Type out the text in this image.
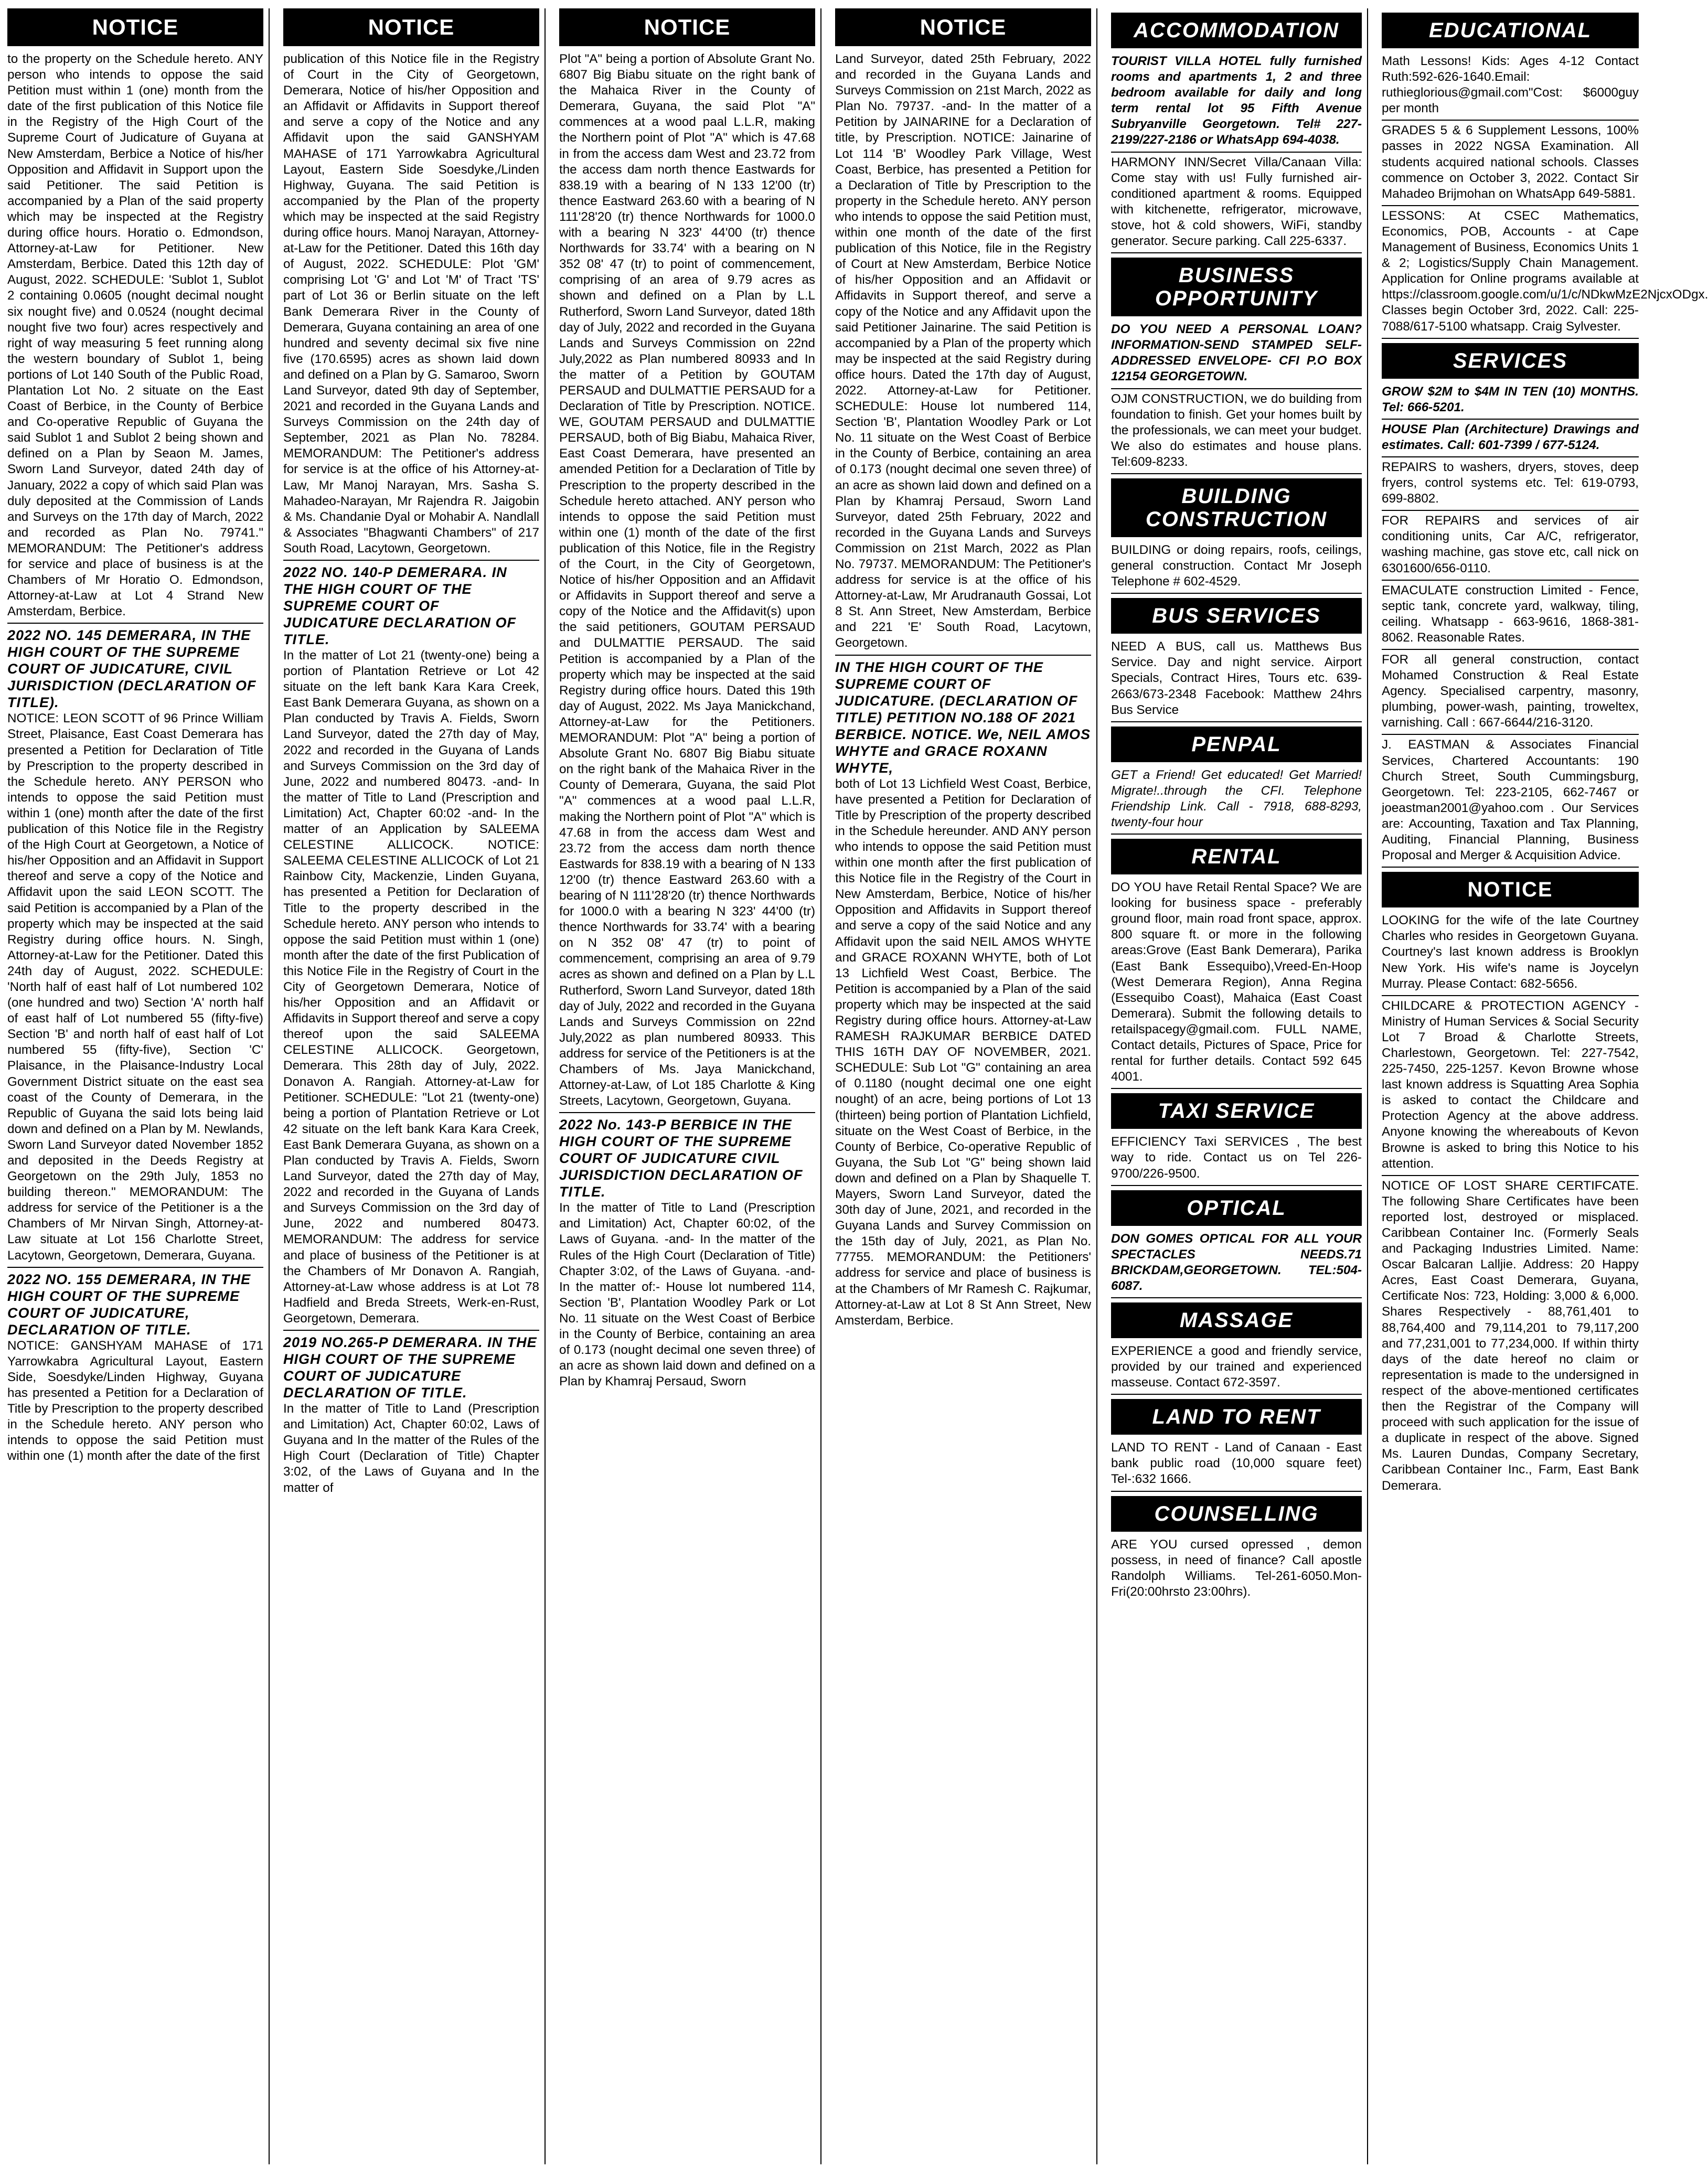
NOTICE
to the property on the Schedule hereto. ANY person who intends to oppose the said Petition must within 1 (one) month from the date of the first publication of this Notice file in the Registry of the High Court of the Supreme Court of Judicature of Guyana at New Amsterdam, Berbice a Notice of his/her Opposition and Affidavit in Support upon the said Petitioner. The said Petition is accompanied by a Plan of the said property which may be inspected at the Registry during office hours. Horatio o. Edmondson, Attorney-at-Law for Petitioner. New Amsterdam, Berbice. Dated this 12th day of August, 2022. SCHEDULE: 'Sublot 1, Sublot 2 containing 0.0605 (nought decimal nought six nought five) and 0.0524 (nought decimal nought five two four) acres respectively and right of way measuring 5 feet running along the western boundary of Sublot 1, being portions of Lot 140 South of the Public Road, Plantation Lot No. 2 situate on the East Coast of Berbice, in the County of Berbice and Co-operative Republic of Guyana the said Sublot 1 and Sublot 2 being shown and defined on a Plan by Seaon M. James, Sworn Land Surveyor, dated 24th day of January, 2022 a copy of which said Plan was duly deposited at the Commission of Lands and Surveys on the 17th day of March, 2022 and recorded as Plan No. 79741." MEMORANDUM: The Petitioner's address for service and place of business is at the Chambers of Mr Horatio O. Edmondson, Attorney-at-Law at Lot 4 Strand New Amsterdam, Berbice.
2022 NO. 145 DEMERARA, IN THE HIGH COURT OF THE SUPREME COURT OF JUDICATURE, CIVIL JURISDICTION (DECLARATION OF TITLE).
NOTICE: LEON SCOTT of 96 Prince William Street, Plaisance, East Coast Demerara has presented a Petition for Declaration of Title by Prescription to the property described in the Schedule hereto. ANY PERSON who intends to oppose the said Petition must within 1 (one) month after the date of the first publication of this Notice file in the Registry of the High Court at Georgetown, a Notice of his/her Opposition and an Affidavit in Support thereof and serve a copy of the Notice and Affidavit upon the said LEON SCOTT. The said Petition is accompanied by a Plan of the property which may be inspected at the said Registry during office hours. N. Singh, Attorney-at-Law for the Petitioner. Dated this 24th day of August, 2022. SCHEDULE: 'North half of east half of Lot numbered 102 (one hundred and two) Section 'A' north half of east half of Lot numbered 55 (fifty-five) Section 'B' and north half of east half of Lot numbered 55 (fifty-five), Section 'C' Plaisance, in the Plaisance-Industry Local Government District situate on the east sea coast of the County of Demerara, in the Republic of Guyana the said lots being laid down and defined on a Plan by M. Newlands, Sworn Land Surveyor dated November 1852 and deposited in the Deeds Registry at Georgetown on the 29th July, 1853 no building thereon." MEMORANDUM: The address for service of the Petitioner is a the Chambers of Mr Nirvan Singh, Attorney-at-Law situate at Lot 156 Charlotte Street, Lacytown, Georgetown, Demerara, Guyana.
2022 NO. 155 DEMERARA, IN THE HIGH COURT OF THE SUPREME COURT OF JUDICATURE, DECLARATION OF TITLE.
NOTICE: GANSHYAM MAHASE of 171 Yarrowkabra Agricultural Layout, Eastern Side, Soesdyke/Linden Highway, Guyana has presented a Petition for a Declaration of Title by Prescription to the property described in the Schedule hereto. ANY person who intends to oppose the said Petition must within one (1) month after the date of the first
NOTICE
publication of this Notice file in the Registry of Court in the City of Georgetown, Demerara, Notice of his/her Opposition and an Affidavit or Affidavits in Support thereof and serve a copy of the Notice and any Affidavit upon the said GANSHYAM MAHASE of 171 Yarrowkabra Agricultural Layout, Eastern Side Soesdyke,/Linden Highway, Guyana. The said Petition is accompanied by the Plan of the property which may be inspected at the said Registry during office hours. Manoj Narayan, Attorney-at-Law for the Petitioner. Dated this 16th day of August, 2022. SCHEDULE: Plot 'GM' comprising Lot 'G' and Lot 'M' of Tract 'TS' part of Lot 36 or Berlin situate on the left Bank Demerara River in the County of Demerara, Guyana containing an area of one hundred and seventy decimal six five nine five (170.6595) acres as shown laid down and defined on a Plan by G. Samaroo, Sworn Land Surveyor, dated 9th day of September, 2021 and recorded in the Guyana Lands and Surveys Commission on the 24th day of September, 2021 as Plan No. 78284. MEMORANDUM: The Petitioner's address for service is at the office of his Attorney-at-Law, Mr Manoj Narayan, Mrs. Sasha S. Mahadeo-Narayan, Mr Rajendra R. Jaigobin & Ms. Chandanie Dyal or Mohabir A. Nandlall & Associates "Bhagwanti Chambers" of 217 South Road, Lacytown, Georgetown.
2022 NO. 140-P DEMERARA. IN THE HIGH COURT OF THE SUPREME COURT OF JUDICATURE DECLARATION OF TITLE.
In the matter of Lot 21 (twenty-one) being a portion of Plantation Retrieve or Lot 42 situate on the left bank Kara Kara Creek, East Bank Demerara Guyana, as shown on a Plan conducted by Travis A. Fields, Sworn Land Surveyor, dated the 27th day of May, 2022 and recorded in the Guyana of Lands and Surveys Commission on the 3rd day of June, 2022 and numbered 80473. -and- In the matter of Title to Land (Prescription and Limitation) Act, Chapter 60:02 -and- In the matter of an Application by SALEEMA CELESTINE ALLICOCK. NOTICE: SALEEMA CELESTINE ALLICOCK of Lot 21 Rainbow City, Mackenzie, Linden Guyana, has presented a Petition for Declaration of Title to the property described in the Schedule hereto. ANY person who intends to oppose the said Petition must within 1 (one) month after the date of the first Publication of this Notice File in the Registry of Court in the City of Georgetown Demerara, Notice of his/her Opposition and an Affidavit or Affidavits in Support thereof and serve a copy thereof upon the said SALEEMA CELESTINE ALLICOCK. Georgetown, Demerara. This 28th day of July, 2022. Donavon A. Rangiah. Attorney-at-Law for Petitioner. SCHEDULE: "Lot 21 (twenty-one) being a portion of Plantation Retrieve or Lot 42 situate on the left bank Kara Kara Creek, East Bank Demerara Guyana, as shown on a Plan conducted by Travis A. Fields, Sworn Land Surveyor, dated the 27th day of May, 2022 and recorded in the Guyana of Lands and Surveys Commission on the 3rd day of June, 2022 and numbered 80473. MEMORANDUM: The address for service and place of business of the Petitioner is at the Chambers of Mr Donavon A. Rangiah, Attorney-at-Law whose address is at Lot 78 Hadfield and Breda Streets, Werk-en-Rust, Georgetown, Demerara.
2019 NO.265-P DEMERARA. IN THE HIGH COURT OF THE SUPREME COURT OF JUDICATURE DECLARATION OF TITLE.
In the matter of Title to Land (Prescription and Limitation) Act, Chapter 60:02, Laws of Guyana and In the matter of the Rules of the High Court (Declaration of Title) Chapter 3:02, of the Laws of Guyana and In the matter of
NOTICE
Plot "A" being a portion of Absolute Grant No. 6807 Big Biabu situate on the right bank of the Mahaica River in the County of Demerara, Guyana, the said Plot "A" commences at a wood paal L.L.R, making the Northern point of Plot "A" which is 47.68 in from the access dam West and 23.72 from the access dam north thence Eastwards for 838.19 with a bearing of N 133 12'00 (tr) thence Eastward 263.60 with a bearing of N 111'28'20 (tr) thence Northwards for 1000.0 with a bearing N 323' 44'00 (tr) thence Northwards for 33.74' with a bearing on N 352 08' 47 (tr) to point of commencement, comprising of an area of 9.79 acres as shown and defined on a Plan by L.L Rutherford, Sworn Land Surveyor, dated 18th day of July, 2022 and recorded in the Guyana Lands and Surveys Commission on 22nd July,2022 as Plan numbered 80933 and In the matter of a Petition by GOUTAM PERSAUD and DULMATTIE PERSAUD for a Declaration of Title by Prescription. NOTICE. WE, GOUTAM PERSAUD and DULMATTIE PERSAUD, both of Big Biabu, Mahaica River, East Coast Demerara, have presented an amended Petition for a Declaration of Title by Prescription to the property described in the Schedule hereto attached. ANY person who intends to oppose the said Petition must within one (1) month of the date of the first publication of this Notice, file in the Registry of the Court, in the City of Georgetown, Notice of his/her Opposition and an Affidavit or Affidavits in Support thereof and serve a copy of the Notice and the Affidavit(s) upon the said petitioners, GOUTAM PERSAUD and DULMATTIE PERSAUD. The said Petition is accompanied by a Plan of the property which may be inspected at the said Registry during office hours. Dated this 19th day of August, 2022. Ms Jaya Manickchand, Attorney-at-Law for the Petitioners. MEMORANDUM: Plot "A" being a portion of Absolute Grant No. 6807 Big Biabu situate on the right bank of the Mahaica River in the County of Demerara, Guyana, the said Plot "A" commences at a wood paal L.L.R, making the Northern point of Plot "A" which is 47.68 in from the access dam West and 23.72 from the access dam north thence Eastwards for 838.19 with a bearing of N 133 12'00 (tr) thence Eastward 263.60 with a bearing of N 111'28'20 (tr) thence Northwards for 1000.0 with a bearing N 323' 44'00 (tr) thence Northwards for 33.74' with a bearing on N 352 08' 47 (tr) to point of commencement, comprising an area of 9.79 acres as shown and defined on a Plan by L.L Rutherford, Sworn Land Surveyor, dated 18th day of July, 2022 and recorded in the Guyana Lands and Surveys Commission on 22nd July,2022 as plan numbered 80933. This address for service of the Petitioners is at the Chambers of Ms. Jaya Manickchand, Attorney-at-Law, of Lot 185 Charlotte & King Streets, Lacytown, Georgetown, Guyana.
2022 No. 143-P BERBICE IN THE HIGH COURT OF THE SUPREME COURT OF JUDICATURE CIVIL JURISDICTION DECLARATION OF TITLE.
In the matter of Title to Land (Prescription and Limitation) Act, Chapter 60:02, of the Laws of Guyana. -and- In the matter of the Rules of the High Court (Declaration of Title) Chapter 3:02, of the Laws of Guyana. -and- In the matter of:- House lot numbered 114, Section 'B', Plantation Woodley Park or Lot No. 11 situate on the West Coast of Berbice in the County of Berbice, containing an area of 0.173 (nought decimal one seven three) of an acre as shown laid down and defined on a Plan by Khamraj Persaud, Sworn
NOTICE
Land Surveyor, dated 25th February, 2022 and recorded in the Guyana Lands and Surveys Commission on 21st March, 2022 as Plan No. 79737. -and- In the matter of a Petition by JAINARINE for a Declaration of title, by Prescription. NOTICE: Jainarine of Lot 114 'B' Woodley Park Village, West Coast, Berbice, has presented a Petition for a Declaration of Title by Prescription to the property in the Schedule hereto. ANY person who intends to oppose the said Petition must, within one month of the date of the first publication of this Notice, file in the Registry of Court at New Amsterdam, Berbice Notice of his/her Opposition and an Affidavit or Affidavits in Support thereof, and serve a copy of the Notice and any Affidavit upon the said Petitioner Jainarine. The said Petition is accompanied by a Plan of the property which may be inspected at the said Registry during office hours. Dated the 17th day of August, 2022. Attorney-at-Law for Petitioner. SCHEDULE: House lot numbered 114, Section 'B', Plantation Woodley Park or Lot No. 11 situate on the West Coast of Berbice in the County of Berbice, containing an area of 0.173 (nought decimal one seven three) of an acre as shown laid down and defined on a Plan by Khamraj Persaud, Sworn Land Surveyor, dated 25th February, 2022 and recorded in the Guyana Lands and Surveys Commission on 21st March, 2022 as Plan No. 79737. MEMORANDUM: The Petitioner's address for service is at the office of his Attorney-at-Law, Mr Arudranauth Gossai, Lot 8 St. Ann Street, New Amsterdam, Berbice and 221 'E' South Road, Lacytown, Georgetown.
IN THE HIGH COURT OF THE SUPREME COURT OF JUDICATURE. (DECLARATION OF TITLE) PETITION NO.188 OF 2021 BERBICE. NOTICE. We, NEIL AMOS WHYTE and GRACE ROXANN WHYTE,
both of Lot 13 Lichfield West Coast, Berbice, have presented a Petition for Declaration of Title by Prescription of the property described in the Schedule hereunder. AND ANY person who intends to oppose the said Petition must within one month after the first publication of this Notice file in the Registry of the Court in New Amsterdam, Berbice, Notice of his/her Opposition and Affidavits in Support thereof and serve a copy of the said Notice and any Affidavit upon the said NEIL AMOS WHYTE and GRACE ROXANN WHYTE, both of Lot 13 Lichfield West Coast, Berbice. The Petition is accompanied by a Plan of the said property which may be inspected at the said Registry during office hours. Attorney-at-Law RAMESH RAJKUMAR BERBICE DATED THIS 16TH DAY OF NOVEMBER, 2021. SCHEDULE: Sub Lot "G" containing an area of 0.1180 (nought decimal one one eight nought) of an acre, being portions of Lot 13 (thirteen) being portion of Plantation Lichfield, situate on the West Coast of Berbice, in the County of Berbice, Co-operative Republic of Guyana, the Sub Lot "G" being shown laid down and defined on a Plan by Shaquelle T. Mayers, Sworn Land Surveyor, dated the 30th day of June, 2021, and recorded in the Guyana Lands and Survey Commission on the 15th day of July, 2021, as Plan No. 77755. MEMORANDUM: the Petitioners' address for service and place of business is at the Chambers of Mr Ramesh C. Rajkumar, Attorney-at-Law at Lot 8 St Ann Street, New Amsterdam, Berbice.
ACCOMMODATION
TOURIST VILLA HOTEL fully furnished rooms and apartments 1, 2 and three bedroom available for daily and long term rental lot 95 Fifth Avenue Subryanville Georgetown. Tel# 227-2199/227-2186 or WhatsApp 694-4038.
HARMONY INN/Secret Villa/Canaan Villa: Come stay with us! Fully furnished air-conditioned apartment & rooms. Equipped with kitchenette, refrigerator, microwave, stove, hot & cold showers, WiFi, standby generator. Secure parking. Call 225-6337.
BUSINESS OPPORTUNITY
DO YOU NEED A PERSONAL LOAN? INFORMATION-SEND STAMPED SELF-ADDRESSED ENVELOPE- CFI P.O BOX 12154 GEORGETOWN.
OJM CONSTRUCTION, we do building from foundation to finish. Get your homes built by the professionals, we can meet your budget. We also do estimates and house plans. Tel:609-8233.
BUILDING CONSTRUCTION
BUILDING or doing repairs, roofs, ceilings, general construction. Contact Mr Joseph Telephone # 602-4529.
BUS SERVICES
NEED A BUS, call us. Matthews Bus Service. Day and night service. Airport Specials, Contract Hires, Tours etc. 639-2663/673-2348 Facebook: Matthew 24hrs Bus Service
PENPAL
GET a Friend! Get educated! Get Married! Migrate!..through the CFI. Telephone Friendship Link. Call - 7918, 688-8293, twenty-four hour
RENTAL
DO YOU have Retail Rental Space? We are looking for business space - preferably ground floor, main road front space, approx. 800 square ft. or more in the following areas:Grove (East Bank Demerara), Parika (East Bank Essequibo),Vreed-En-Hoop (West Demerara Region), Anna Regina (Essequibo Coast), Mahaica (East Coast Demerara). Submit the following details to retailspacegy@gmail.com. FULL NAME, Contact details, Pictures of Space, Price for rental for further details. Contact 592 645 4001.
TAXI SERVICE
EFFICIENCY Taxi SERVICES , The best way to ride. Contact us on Tel 226-9700/226-9500.
OPTICAL
DON GOMES OPTICAL FOR ALL YOUR SPECTACLES NEEDS.71 BRICKDAM,GEORGETOWN. TEL:504-6087.
MASSAGE
EXPERIENCE a good and friendly service, provided by our trained and experienced masseuse. Contact 672-3597.
LAND TO RENT
LAND TO RENT - Land of Canaan - East bank public road (10,000 square feet) Tel-:632 1666.
COUNSELLING
ARE YOU cursed opressed , demon possess, in need of finance? Call apostle Randolph Williams. Tel-261-6050.Mon-Fri(20:00hrsto 23:00hrs).
EDUCATIONAL
Math Lessons! Kids: Ages 4-12 Contact Ruth:592-626-1640.Email: ruthieglorious@gmail.com"Cost: $6000guy per month
GRADES 5 & 6 Supplement Lessons, 100% passes in 2022 NGSA Examination. All students acquired national schools. Classes commence on October 3, 2022. Contact Sir Mahadeo Brijmohan on WhatsApp 649-5881.
LESSONS: At CSEC Mathematics, Economics, POB, Accounts - at Cape Management of Business, Economics Units 1 & 2; Logistics/Supply Chain Management. Application for Online programs available at https://classroom.google.com/u/1/c/NDkwMzE2NjcxODgx. Classes begin October 3rd, 2022. Call: 225-7088/617-5100 whatsapp. Craig Sylvester.
SERVICES
GROW $2M to $4M IN TEN (10) MONTHS. Tel: 666-5201.
HOUSE Plan (Architecture) Drawings and estimates. Call: 601-7399 / 677-5124.
REPAIRS to washers, dryers, stoves, deep fryers, control systems etc. Tel: 619-0793, 699-8802.
FOR REPAIRS and services of air conditioning units, Car A/C, refrigerator, washing machine, gas stove etc, call nick on 6301600/656-0110.
EMACULATE construction Limited - Fence, septic tank, concrete yard, walkway, tiling, ceiling. Whatsapp - 663-9616, 1868-381-8062. Reasonable Rates.
FOR all general construction, contact Mohamed Construction & Real Estate Agency. Specialised carpentry, masonry, plumbing, power-wash, painting, troweltex, varnishing. Call : 667-6644/216-3120.
J. EASTMAN & Associates Financial Services, Chartered Accountants: 190 Church Street, South Cummingsburg, Georgetown. Tel: 223-2105, 662-7467 or joeastman2001@yahoo.com . Our Services are: Accounting, Taxation and Tax Planning, Auditing, Financial Planning, Business Proposal and Merger & Acquisition Advice.
NOTICE
LOOKING for the wife of the late Courtney Charles who resides in Georgetown Guyana. Courtney's last known address is Brooklyn New York. His wife's name is Joycelyn Murray. Please Contact: 682-5656.
CHILDCARE & PROTECTION AGENCY - Ministry of Human Services & Social Security Lot 7 Broad & Charlotte Streets, Charlestown, Georgetown. Tel: 227-7542, 225-7450, 225-1257. Kevon Browne whose last known address is Squatting Area Sophia is asked to contact the Childcare and Protection Agency at the above address. Anyone knowing the whereabouts of Kevon Browne is asked to bring this Notice to his attention.
NOTICE OF LOST SHARE CERTIFCATE. The following Share Certificates have been reported lost, destroyed or misplaced. Caribbean Container Inc. (Formerly Seals and Packaging Industries Limited. Name: Oscar Balcaran Lalljie. Address: 20 Happy Acres, East Coast Demerara, Guyana, Certificate Nos: 723, Holding: 3,000 & 6,000. Shares Respectively - 88,761,401 to 88,764,400 and 79,114,201 to 79,117,200 and 77,231,001 to 77,234,000. If within thirty days of the date hereof no claim or representation is made to the undersigned in respect of the above-mentioned certificates then the Registrar of the Company will proceed with such application for the issue of a duplicate in respect of the above. Signed Ms. Lauren Dundas, Company Secretary, Caribbean Container Inc., Farm, East Bank Demerara.
